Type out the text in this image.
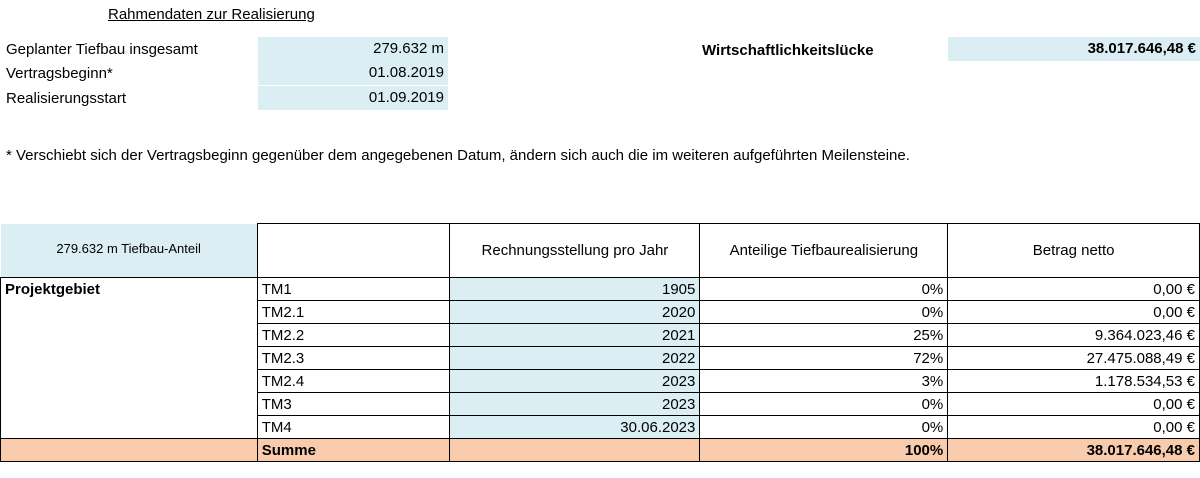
Rahmendaten zur Realisierung
Geplanter Tiefbau insgesamt	279.632 m
Vertragsbeginn*	01.08.2019
Realisierungsstart	01.09.2019
Wirtschaftlichkeitslücke	38.017.646,48 €
* Verschiebt sich der Vertragsbeginn gegenüber dem angegebenen Datum, ändern sich auch die im weiteren aufgeführten Meilensteine.
279.632 m Tiefbau-Anteil		Rechnungsstellung pro Jahr	Anteilige Tiefbaurealisierung	Betrag netto
Projektgebiet	TM1	1905	0%	0,00 €
	TM2.1	2020	0%	0,00 €
	TM2.2	2021	25%	9.364.023,46 €
	TM2.3	2022	72%	27.475.088,49 €
	TM2.4	2023	3%	1.178.534,53 €
	TM3	2023	0%	0,00 €
	TM4	30.06.2023	0%	0,00 €
	Summe		100%	38.017.646,48 €
